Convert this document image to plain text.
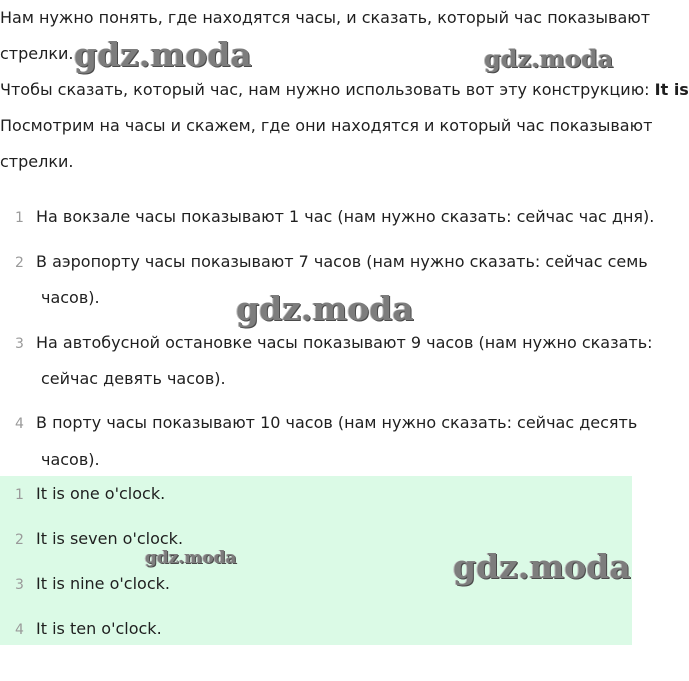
Нам нужно понять, где находятся часы, и сказать, который час показывают
стрелки.
Чтобы сказать, который час, нам нужно использовать вот эту конструкцию: It is
Посмотрим на часы и скажем, где они находятся и который час показывают
стрелки.
1 На вокзале часы показывают 1 час (нам нужно сказать: сейчас час дня).
2 В аэропорту часы показывают 7 часов (нам нужно сказать: сейчас семь
часов).
3 На автобусной остановке часы показывают 9 часов (нам нужно сказать:
сейчас девять часов).
4 В порту часы показывают 10 часов (нам нужно сказать: сейчас десять
часов).
1 It is one o'clock.
2 It is seven o'clock.
3 It is nine o'clock.
4 It is ten o'clock.
gdz.moda	gdz.moda
gdz.moda
gdz.moda	gdz.moda
